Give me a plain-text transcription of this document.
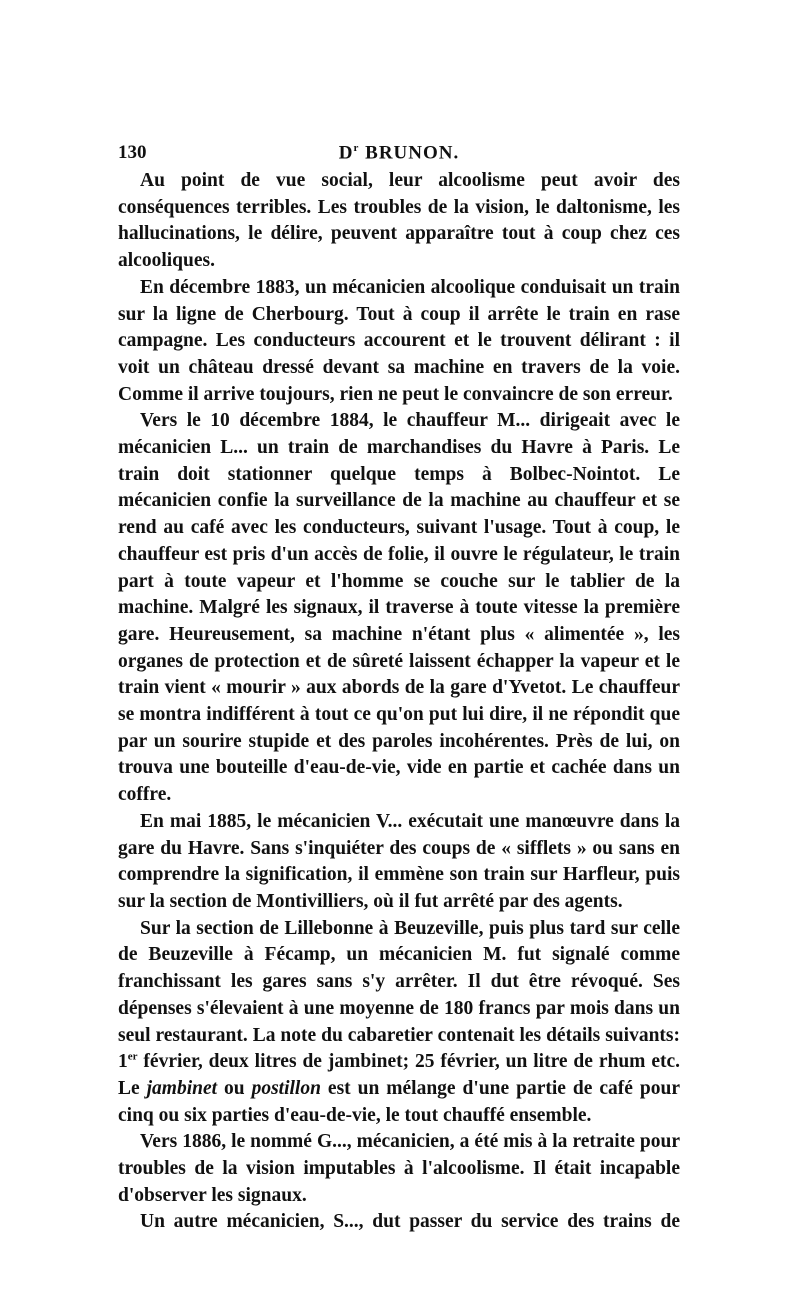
130	$D^r$ BRUNON.

Au point de vue social, leur alcoolisme peut avoir des conséquences terribles. Les troubles de la vision, le daltonisme, les hallucinations, le délire, peuvent apparaître tout à coup chez ces alcooliques.

En décembre 1883, un mécanicien alcoolique conduisait un train sur la ligne de Cherbourg. Tout à coup il arrête le train en rase campagne. Les conducteurs accourent et le trouvent délirant : il voit un château dressé devant sa machine en travers de la voie. Comme il arrive toujours, rien ne peut le convaincre de son erreur.

Vers le 10 décembre 1884, le chauffeur M... dirigeait avec le mécanicien L... un train de marchandises du Havre à Paris. Le train doit stationner quelque temps à Bolbec-Nointot. Le mécanicien confie la surveillance de la machine au chauffeur et se rend au café avec les conducteurs, suivant l'usage. Tout à coup, le chauffeur est pris d'un accès de folie, il ouvre le régulateur, le train part à toute vapeur et l'homme se couche sur le tablier de la machine. Malgré les signaux, il traverse à toute vitesse la première gare. Heureusement, sa machine n'étant plus « alimentée », les organes de protection et de sûreté laissent échapper la vapeur et le train vient « mourir » aux abords de la gare d'Yvetot. Le chauffeur se montra indifférent à tout ce qu'on put lui dire, il ne répondit que par un sourire stupide et des paroles incohérentes. Près de lui, on trouva une bouteille d'eau-de-vie, vide en partie et cachée dans un coffre.

En mai 1885, le mécanicien V... exécutait une manœuvre dans la gare du Havre. Sans s'inquiéter des coups de « sifflets » ou sans en comprendre la signification, il emmène son train sur Harfleur, puis sur la section de Montivilliers, où il fut arrêté par des agents.

Sur la section de Lillebonne à Beuzeville, puis plus tard sur celle de Beuzeville à Fécamp, un mécanicien M. fut signalé comme franchissant les gares sans s'y arrêter. Il dut être révoqué. Ses dépenses s'élevaient à une moyenne de 180 francs par mois dans un seul restaurant. La note du cabaretier contenait les détails suivants: 1er février, deux litres de jambinet; 25 février, un litre de rhum etc. Le jambinet ou postillon est un mélange d'une partie de café pour cinq ou six parties d'eau-de-vie, le tout chauffé ensemble.

Vers 1886, le nommé G..., mécanicien, a été mis à la retraite pour troubles de la vision imputables à l'alcoolisme. Il était incapable d'observer les signaux.

Un autre mécanicien, S..., dut passer du service des trains de
